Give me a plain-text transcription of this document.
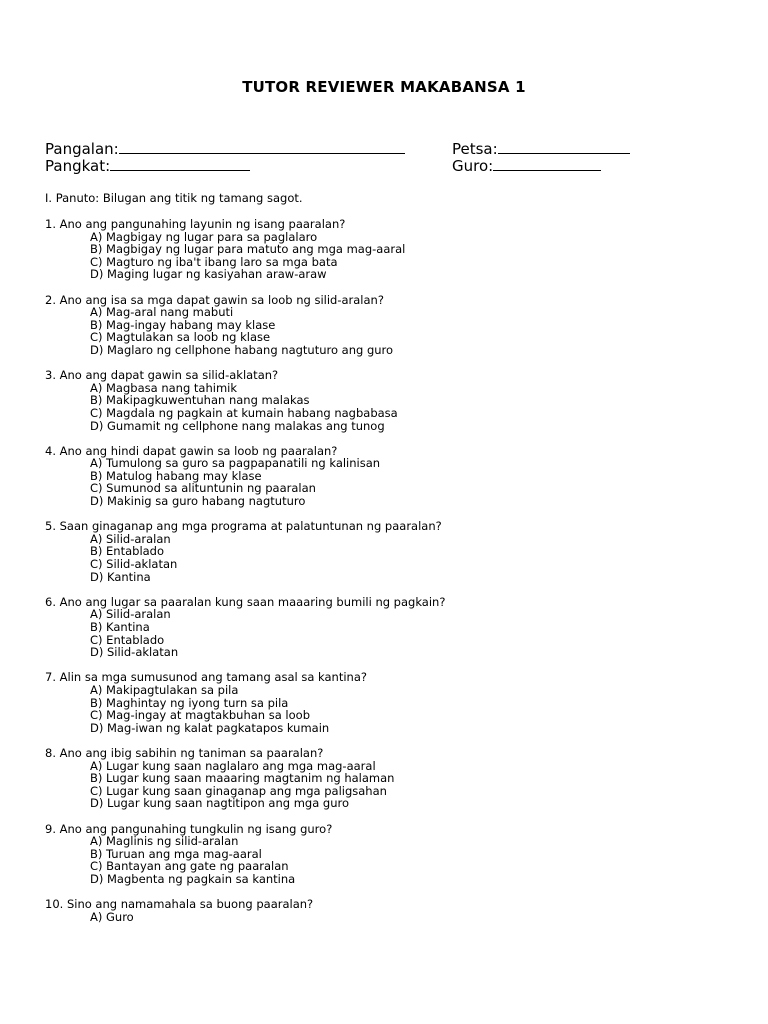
TUTOR REVIEWER MAKABANSA 1
Pangalan:	Petsa:
Pangkat:	Guro:
I. Panuto: Bilugan ang titik ng tamang sagot.
1. Ano ang pangunahing layunin ng isang paaralan?
A) Magbigay ng lugar para sa paglalaro
B) Magbigay ng lugar para matuto ang mga mag-aaral
C) Magturo ng iba't ibang laro sa mga bata
D) Maging lugar ng kasiyahan araw-araw
2. Ano ang isa sa mga dapat gawin sa loob ng silid-aralan?
A) Mag-aral nang mabuti
B) Mag-ingay habang may klase
C) Magtulakan sa loob ng klase
D) Maglaro ng cellphone habang nagtuturo ang guro
3. Ano ang dapat gawin sa silid-aklatan?
A) Magbasa nang tahimik
B) Makipagkuwentuhan nang malakas
C) Magdala ng pagkain at kumain habang nagbabasa
D) Gumamit ng cellphone nang malakas ang tunog
4. Ano ang hindi dapat gawin sa loob ng paaralan?
A) Tumulong sa guro sa pagpapanatili ng kalinisan
B) Matulog habang may klase
C) Sumunod sa alituntunin ng paaralan
D) Makinig sa guro habang nagtuturo
5. Saan ginaganap ang mga programa at palatuntunan ng paaralan?
A) Silid-aralan
B) Entablado
C) Silid-aklatan
D) Kantina
6. Ano ang lugar sa paaralan kung saan maaaring bumili ng pagkain?
A) Silid-aralan
B) Kantina
C) Entablado
D) Silid-aklatan
7. Alin sa mga sumusunod ang tamang asal sa kantina?
A) Makipagtulakan sa pila
B) Maghintay ng iyong turn sa pila
C) Mag-ingay at magtakbuhan sa loob
D) Mag-iwan ng kalat pagkatapos kumain
8. Ano ang ibig sabihin ng taniman sa paaralan?
A) Lugar kung saan naglalaro ang mga mag-aaral
B) Lugar kung saan maaaring magtanim ng halaman
C) Lugar kung saan ginaganap ang mga paligsahan
D) Lugar kung saan nagtitipon ang mga guro
9. Ano ang pangunahing tungkulin ng isang guro?
A) Maglinis ng silid-aralan
B) Turuan ang mga mag-aaral
C) Bantayan ang gate ng paaralan
D) Magbenta ng pagkain sa kantina
10. Sino ang namamahala sa buong paaralan?
A) Guro
